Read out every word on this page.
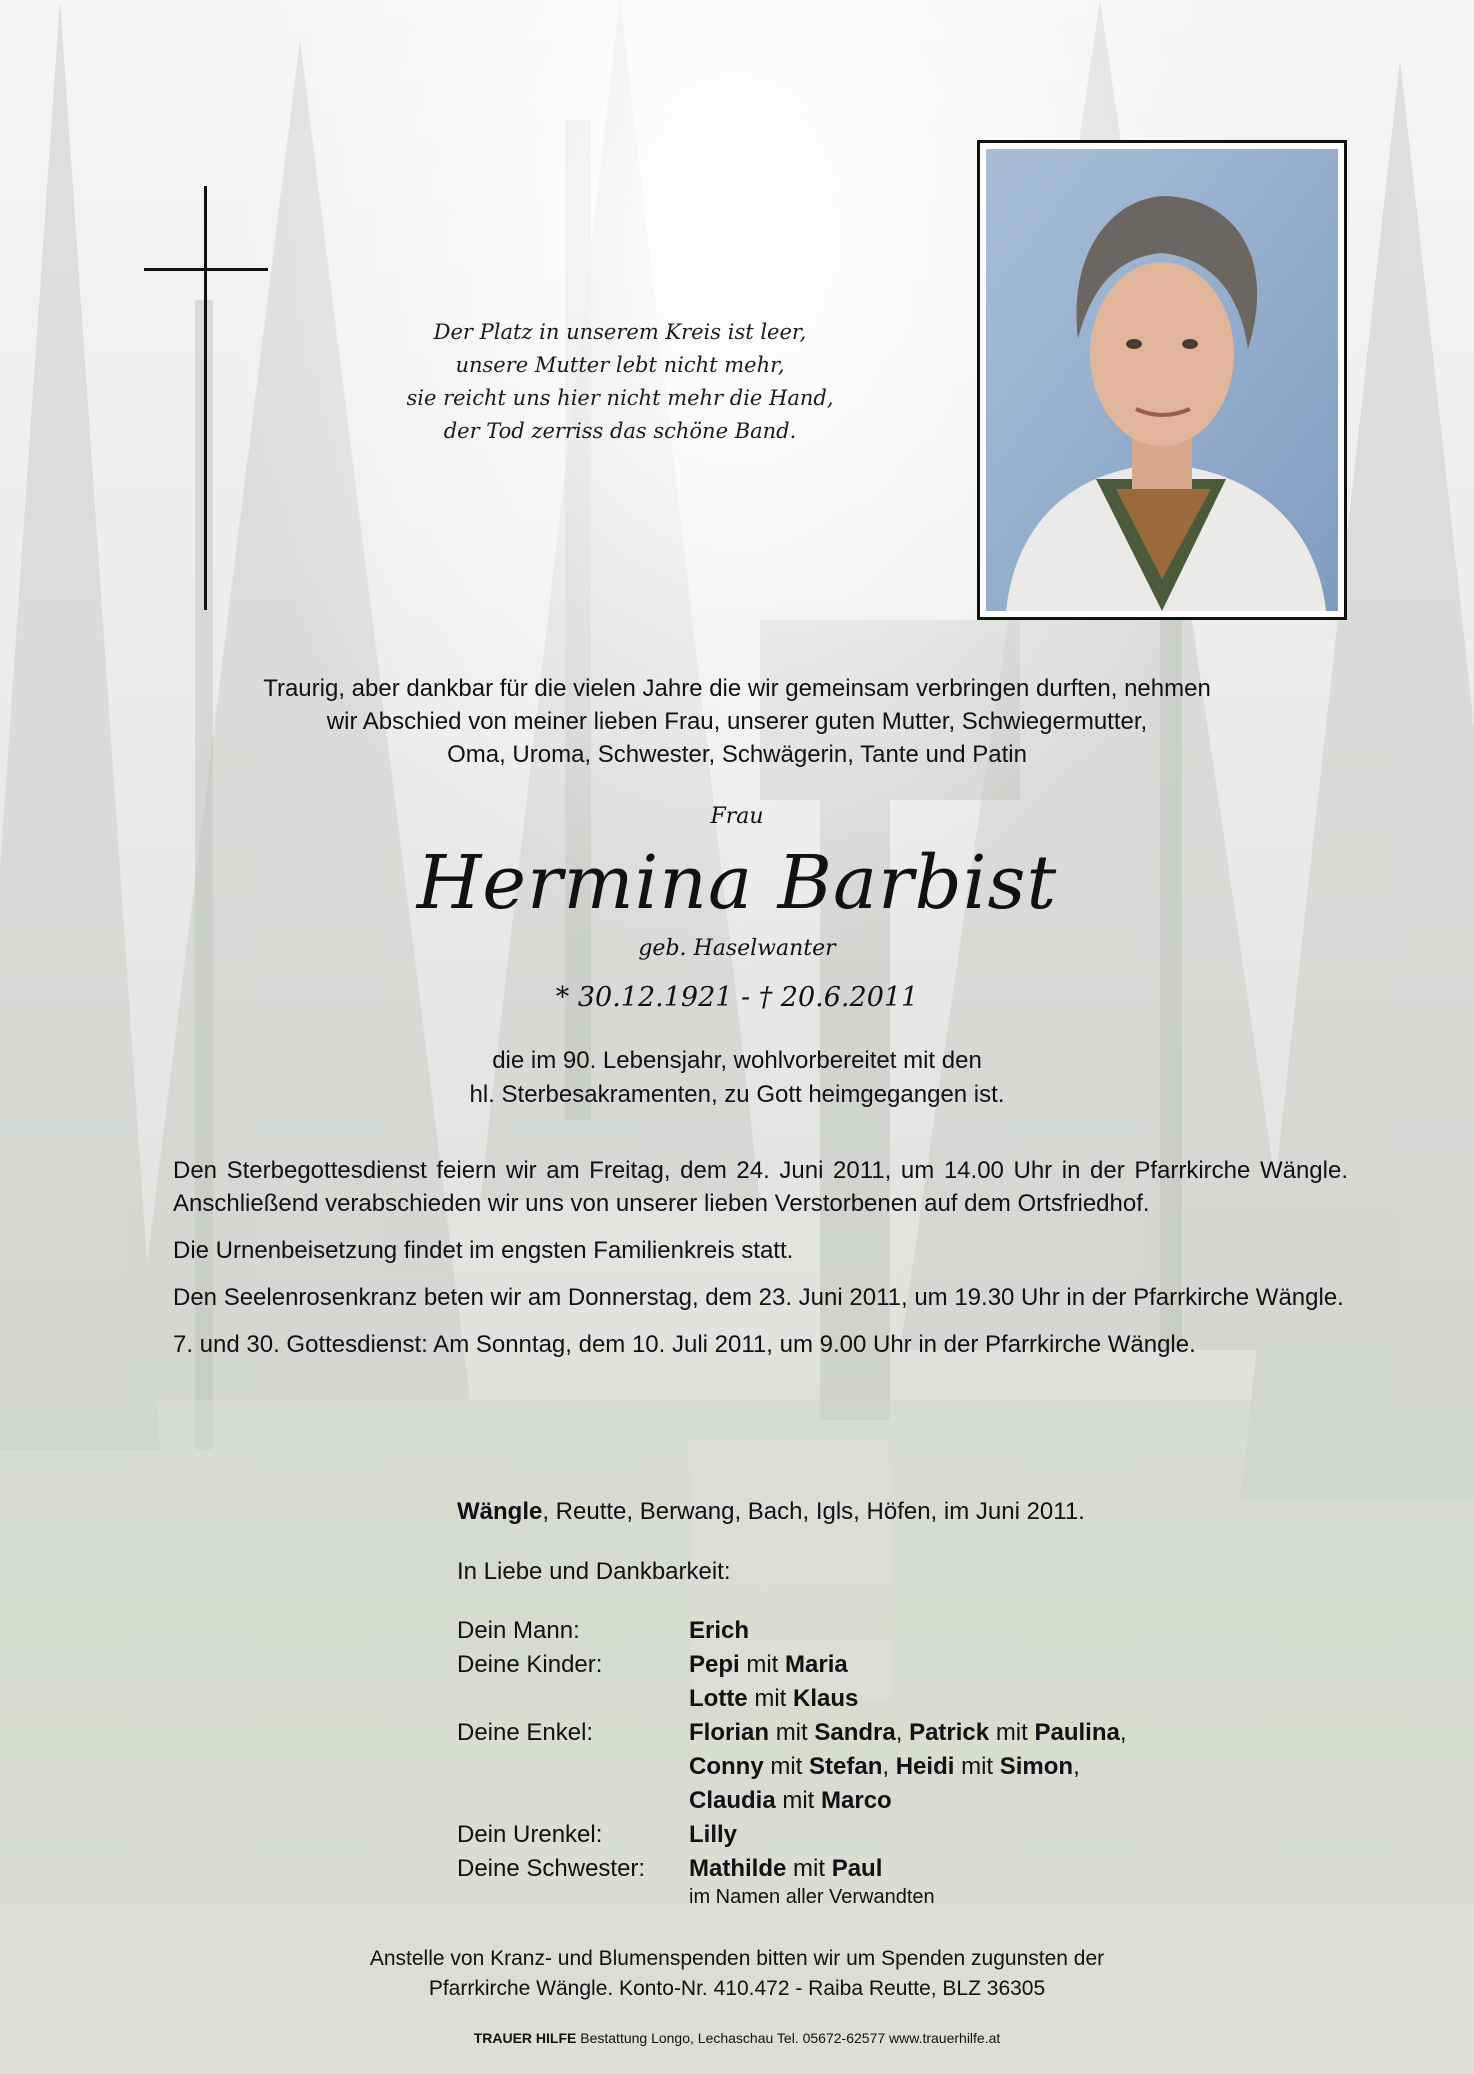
Der Platz in unserem Kreis ist leer,
unsere Mutter lebt nicht mehr,
sie reicht uns hier nicht mehr die Hand,
der Tod zerriss das schöne Band.
Traurig, aber dankbar für die vielen Jahre die wir gemeinsam verbringen durften, nehmen
wir Abschied von meiner lieben Frau, unserer guten Mutter, Schwiegermutter,
Oma, Uroma, Schwester, Schwägerin, Tante und Patin
Frau
Hermina Barbist
geb. Haselwanter
* 30.12.1921 - † 20.6.2011
die im 90. Lebensjahr, wohlvorbereitet mit den
hl. Sterbesakramenten, zu Gott heimgegangen ist.

Den Sterbegottesdienst feiern wir am Freitag, dem 24. Juni 2011, um 14.00 Uhr in der Pfarrkirche Wängle. Anschließend verabschieden wir uns von unserer lieben Verstorbenen auf dem Ortsfriedhof.

Die Urnenbeisetzung findet im engsten Familienkreis statt.

Den Seelenrosenkranz beten wir am Donnerstag, dem 23. Juni 2011, um 19.30 Uhr in der Pfarrkirche Wängle.

7. und 30. Gottesdienst: Am Sonntag, dem 10. Juli 2011, um 9.00 Uhr in der Pfarrkirche Wängle.

Wängle, Reutte, Berwang, Bach, Igls, Höfen, im Juni 2011.
In Liebe und Dankbarkeit:
Dein Mann:	Erich
Deine Kinder:	Pepi mit Maria
Lotte mit Klaus
Deine Enkel:	Florian mit Sandra, Patrick mit Paulina,
Conny mit Stefan, Heidi mit Simon,
Claudia mit Marco
Dein Urenkel:	Lilly
Deine Schwester:	Mathilde mit Paul
im Namen aller Verwandten
Anstelle von Kranz- und Blumenspenden bitten wir um Spenden zugunsten der
Pfarrkirche Wängle. Konto-Nr. 410.472 - Raiba Reutte, BLZ 36305
TRAUER HILFE Bestattung Longo, Lechaschau Tel. 05672-62577 www.trauerhilfe.at
